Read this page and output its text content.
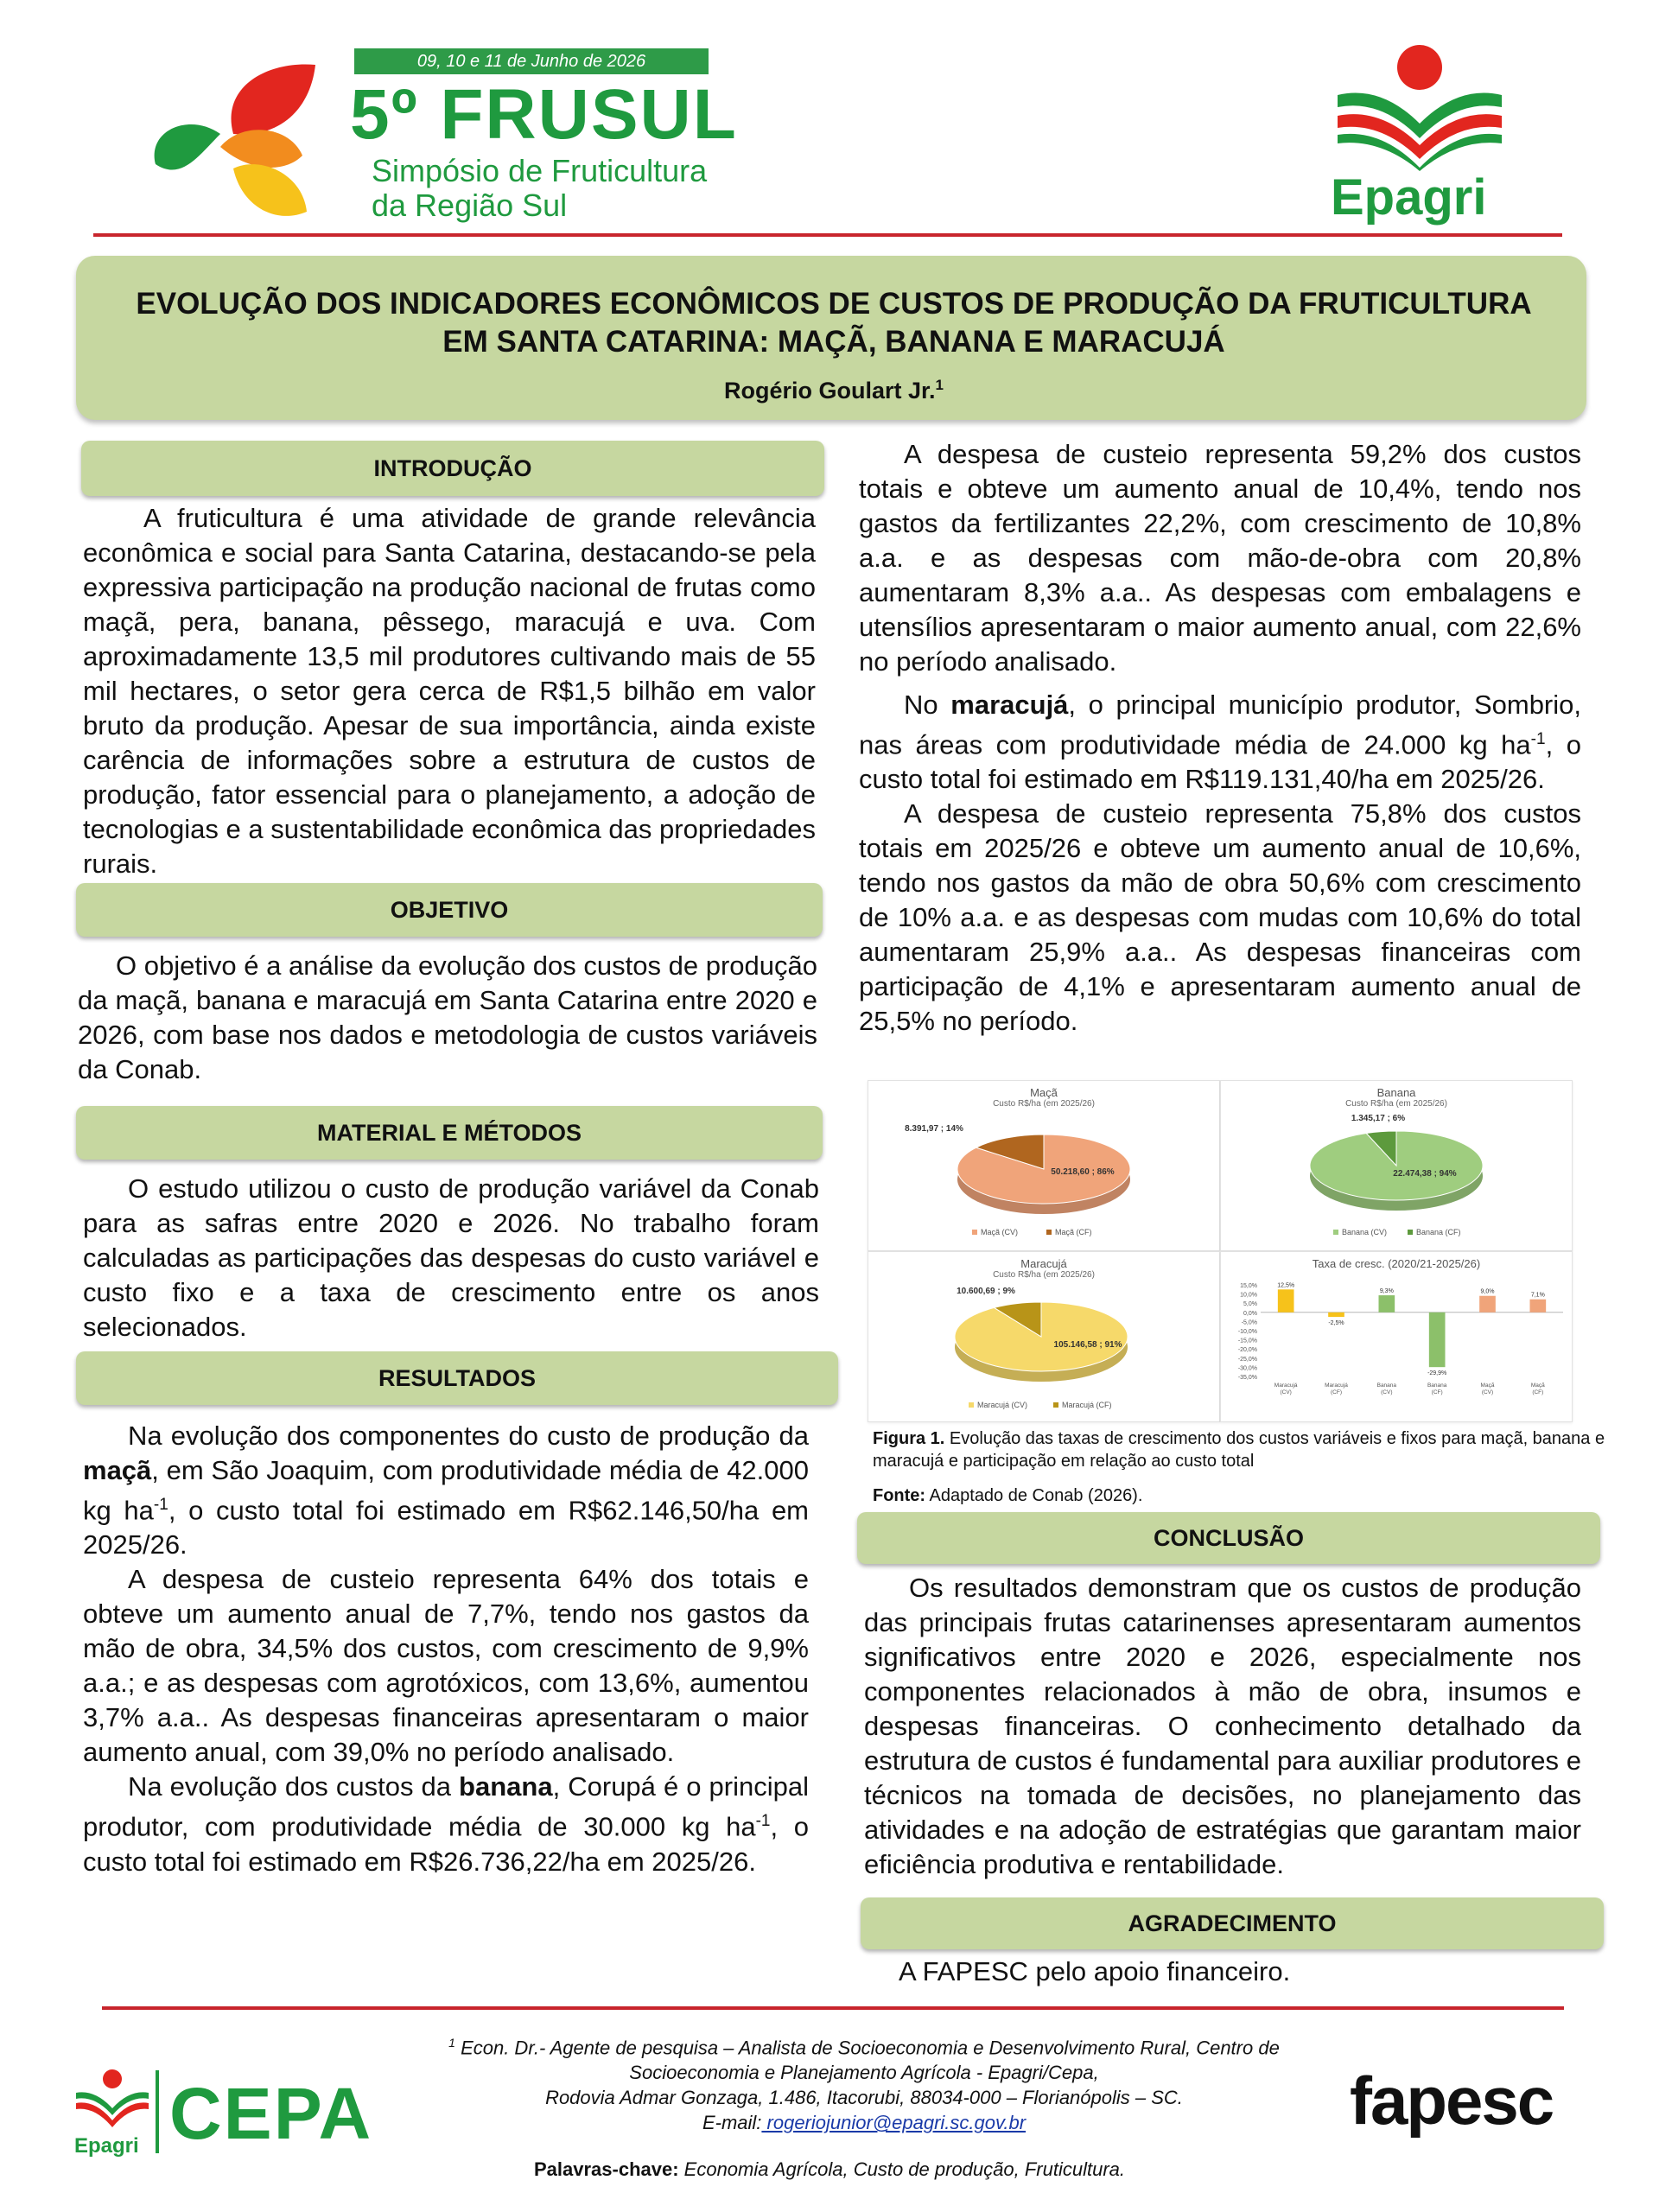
09, 10 e 11 de Junho de 2026
5º FRUSUL
Simpósio de Fruticultura da Região Sul	Epagri
EVOLUÇÃO DOS INDICADORES ECONÔMICOS DE CUSTOS DE PRODUÇÃO DA FRUTICULTURA EM SANTA CATARINA: MAÇÃ, BANANA E MARACUJÁ
Rogério Goulart Jr.$^1$
INTRODUÇÃO

A fruticultura é uma atividade de grande relevância econômica e social para Santa Catarina, destacando-se pela expressiva participação na produção nacional de frutas como maçã, pera, banana, pêssego, maracujá e uva. Com aproximadamente 13,5 mil produtores cultivando mais de 55 mil hectares, o setor gera cerca de R$1,5 bilhão em valor bruto da produção. Apesar de sua importância, ainda existe carência de informações sobre a estrutura de custos de produção, fator essencial para o planejamento, a adoção de tecnologias e a sustentabilidade econômica das propriedades rurais.

OBJETIVO

O objetivo é a análise da evolução dos custos de produção da maçã, banana e maracujá em Santa Catarina entre 2020 e 2026, com base nos dados e metodologia de custos variáveis da Conab.

MATERIAL E MÉTODOS

O estudo utilizou o custo de produção variável da Conab para as safras entre 2020 e 2026. No trabalho foram calculadas as participações das despesas do custo variável e custo fixo e a taxa de crescimento entre os anos selecionados.

RESULTADOS

Na evolução dos componentes do custo de produção da maçã, em São Joaquim, com produtividade média de 42.000 kg $ha^{-1}$, o custo total foi estimado em R$62.146,50/ha em 2025/26.

A despesa de custeio representa 64% dos totais e obteve um aumento anual de 7,7%, tendo nos gastos da mão de obra, 34,5% dos custos, com crescimento de 9,9% a.a.; e as despesas com agrotóxicos, com 13,6%, aumentou 3,7% a.a.. As despesas financeiras apresentaram o maior aumento anual, com 39,0% no período analisado.

Na evolução dos custos da banana, Corupá é o principal produtor, com produtividade média de 30.000 kg $ha^{-1}$, o custo total foi estimado em R$26.736,22/ha em 2025/26.

A despesa de custeio representa 59,2% dos custos totais e obteve um aumento anual de 10,4%, tendo nos gastos da fertilizantes 22,2%, com crescimento de 10,8% a.a. e as despesas com mão-de-obra com 20,8% aumentaram 8,3% a.a.. As despesas com embalagens e utensílios apresentaram o maior aumento anual, com 22,6% no período analisado.

No maracujá, o principal município produtor, Sombrio, nas áreas com produtividade média de 24.000 kg $ha^{-1}$, o custo total foi estimado em R$119.131,40/ha em 2025/26.

A despesa de custeio representa 75,8% dos custos totais em 2025/26 e obteve um aumento anual de 10,6%, tendo nos gastos da mão de obra 50,6% com crescimento de 10% a.a. e as despesas com mudas com 10,6% do total aumentaram 25,9% a.a.. As despesas financeiras com participação de 4,1% e apresentaram aumento anual de 25,5% no período.

Maçã
Custo R$/ha (em 2025/26)
50.218,60 ; 86%
8.391,97 ; 14%
Maçã (CV)	Maçã (CF)
Banana
Custo R$/ha (em 2025/26)
22.474,38 ; 94%
1.345,17 ; 6%
Banana (CV)	Banana (CF)
Maracujá
Custo R$/ha (em 2025/26)
105.146,58 ; 91%
10.600,69 ; 9%
Maracujá (CV)	Maracujá (CF)
Taxa de cresc. (2020/21-2025/26)
15,0%
10,0%
5,0%
0,0%
-5,0%
-10,0%
-15,0%
-20,0%
-25,0%
-30,0%
-35,0%
12,5%
Maracujá
(CV)
-2,5%
Maracujá
(CF)
9,3%
Banana
(CV)
-29,9%
Banana
(CF)
9,0%
Maçã
(CV)
7,1%
Maçã
(CF)
Figura 1. Evolução das taxas de crescimento dos custos variáveis e fixos para maçã, banana e maracujá e participação em relação ao custo total
Fonte: Adaptado de Conab (2026).
CONCLUSÃO

Os resultados demonstram que os custos de produção das principais frutas catarinenses apresentaram aumentos significativos entre 2020 e 2026, especialmente nos componentes relacionados à mão de obra, insumos e despesas financeiras. O conhecimento detalhado da estrutura de custos é fundamental para auxiliar produtores e técnicos na tomada de decisões, no planejamento das atividades e na adoção de estratégias que garantam maior eficiência produtiva e rentabilidade.

AGRADECIMENTO
A FAPESC pelo apoio financeiro.
Epagri CEPA
$^1$ Econ. Dr.- Agente de pesquisa – Analista de Socioeconomia e Desenvolvimento Rural, Centro de
Socioeconomia e Planejamento Agrícola - Epagri/Cepa,
Rodovia Admar Gonzaga, 1.486, Itacorubi, 88034-000 – Florianópolis – SC.
E-mail: rogeriojunior@epagri.sc.gov.br	fapesc
Palavras-chave: Economia Agrícola, Custo de produção, Fruticultura.
